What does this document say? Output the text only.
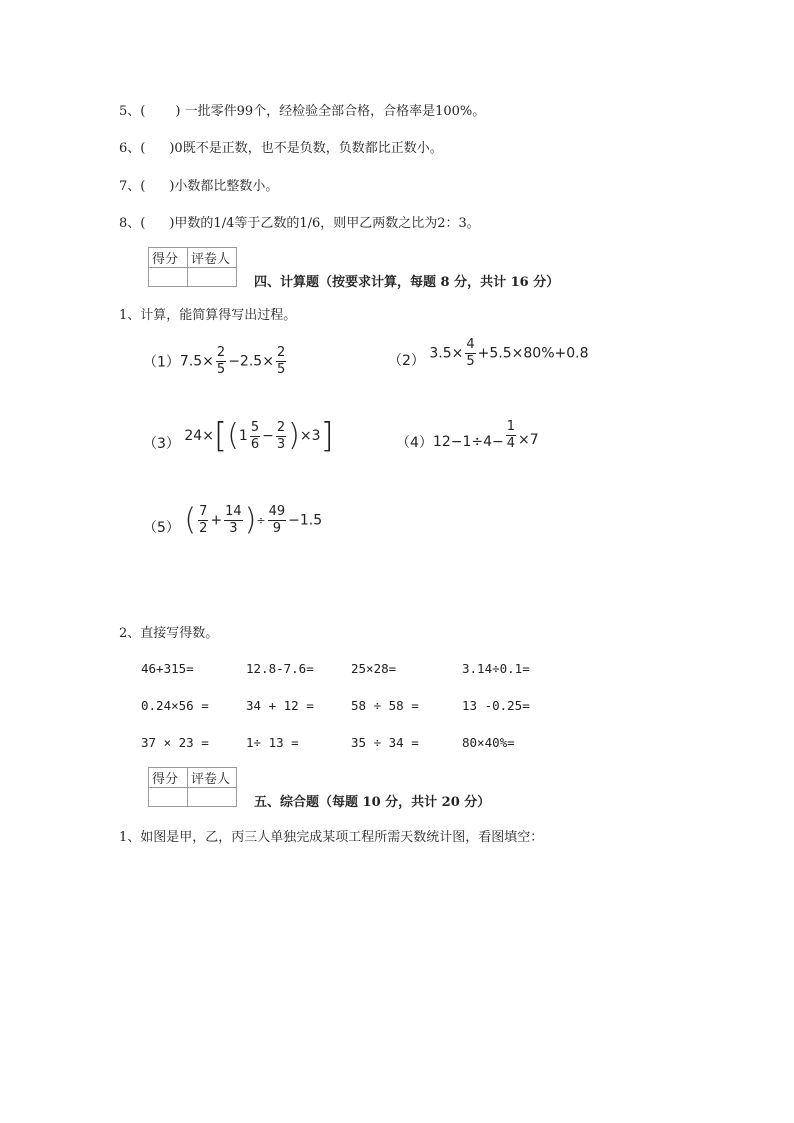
5、( ) 一批零件99个，经检验全部合格，合格率是100%。
6、( )0既不是正数，也不是负数，负数都比正数小。
7、( )小数都比整数小。
8、( )甲数的1/4等于乙数的1/6，则甲乙两数之比为2：3。
得分	评卷人

四、计算题（按要求计算，每题 8 分，共计 16 分）
1、计算，能简算得写出过程。
$(1)7.5\times \frac{2}{5} -2.5\times \frac{2}{5}$	（2） $3.5\times \frac{4}{5} +5.5\times 80\%+0.8$
（3） $24\times[(1 \frac{5}{6} - \frac{2}{3} )\times 3]$	$(4)12-1\div 4- \frac{1}{4} \times 7$
（5） ( $\frac{7}{2} + \frac{14}{3}$ )÷ $\frac{49}{9} -1.5$
2、直接写得数。
46+315=	12.8-7.6=	25×28=	3.14÷0.1=
0.24×56 =	34 + 12 =	58 ÷ 58 =	13 -0.25=
37 × 23 =	1÷ 13 =	35 ÷ 34 =	80×40%=
得分	评卷人

五、综合题（每题 10 分，共计 20 分）
1、如图是甲，乙，丙三人单独完成某项工程所需天数统计图，看图填空：
